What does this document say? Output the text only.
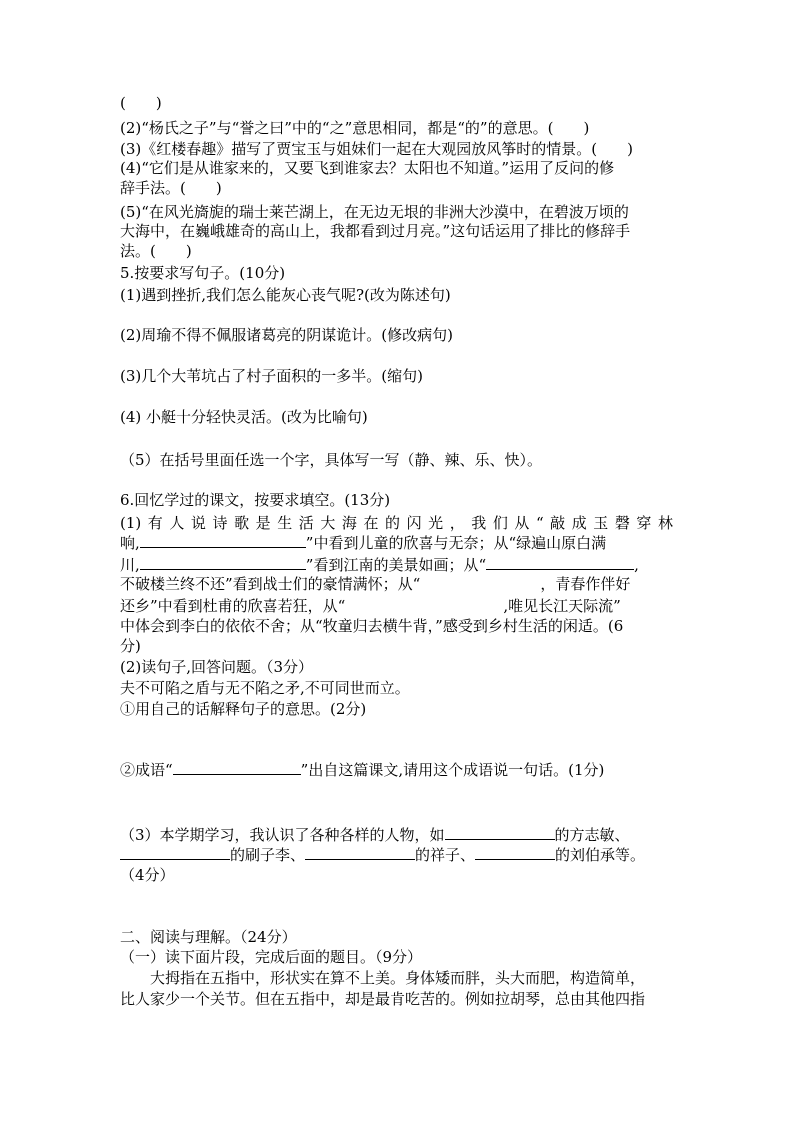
(　　)
(2)“杨氏之子”与“誉之曰”中的“之”意思相同，都是“的”的意思。(　　)
(3)《红楼春趣》描写了贾宝玉与姐妹们一起在大观园放风筝时的情景。(　　)
(4)“它们是从谁家来的，又要飞到谁家去？太阳也不知道。”运用了反问的修
辞手法。(　　)
(5)“在风光旖旎的瑞士莱芒湖上，在无边无垠的非洲大沙漠中，在碧波万顷的
大海中，在巍峨雄奇的高山上，我都看到过月亮。”这句话运用了排比的修辞手
法。(　　)
5.按要求写句子。(10分)
(1)遇到挫折,我们怎么能灰心丧气呢?(改为陈述句)
(2)周瑜不得不佩服诸葛亮的阴谋诡计。(修改病句)
(3)几个大苇坑占了村子面积的一多半。(缩句)
(4) 小艇十分轻快灵活。(改为比喻句)
（5）在括号里面任选一个字，具体写一写（静、辣、乐、快）。
6.回忆学过的课文，按要求填空。(13分)
(1)有人说诗歌是生活大海在的闪光，我们从“敲成玉磬穿林
响,	”中看到儿童的欣喜与无奈；从“绿遍山原白满
川,	”看到江南的美景如画；从“	,
不破楼兰终不还”看到战士们的豪情满怀；从“	，青春作伴好
还乡”中看到杜甫的欣喜若狂，从“	,唯见长江天际流”
中体会到李白的依依不舍；从“牧童归去横牛背，”感受到乡村生活的闲适。(6
分)
(2)读句子,回答问题。（3分）
夫不可陷之盾与无不陷之矛,不可同世而立。
①用自己的话解释句子的意思。(2分)
②成语“	”出自这篇课文,请用这个成语说一句话。(1分)
（3）本学期学习，我认识了各种各样的人物，如	的方志敏、
的刷子李、	的祥子、	的刘伯承等。
（4分）
二、阅读与理解。（24分）
（一）读下面片段，完成后面的题目。（9分）
大拇指在五指中，形状实在算不上美。身体矮而胖，头大而肥，构造简单，
比人家少一个关节。但在五指中，却是最肯吃苦的。例如拉胡琴，总由其他四指
